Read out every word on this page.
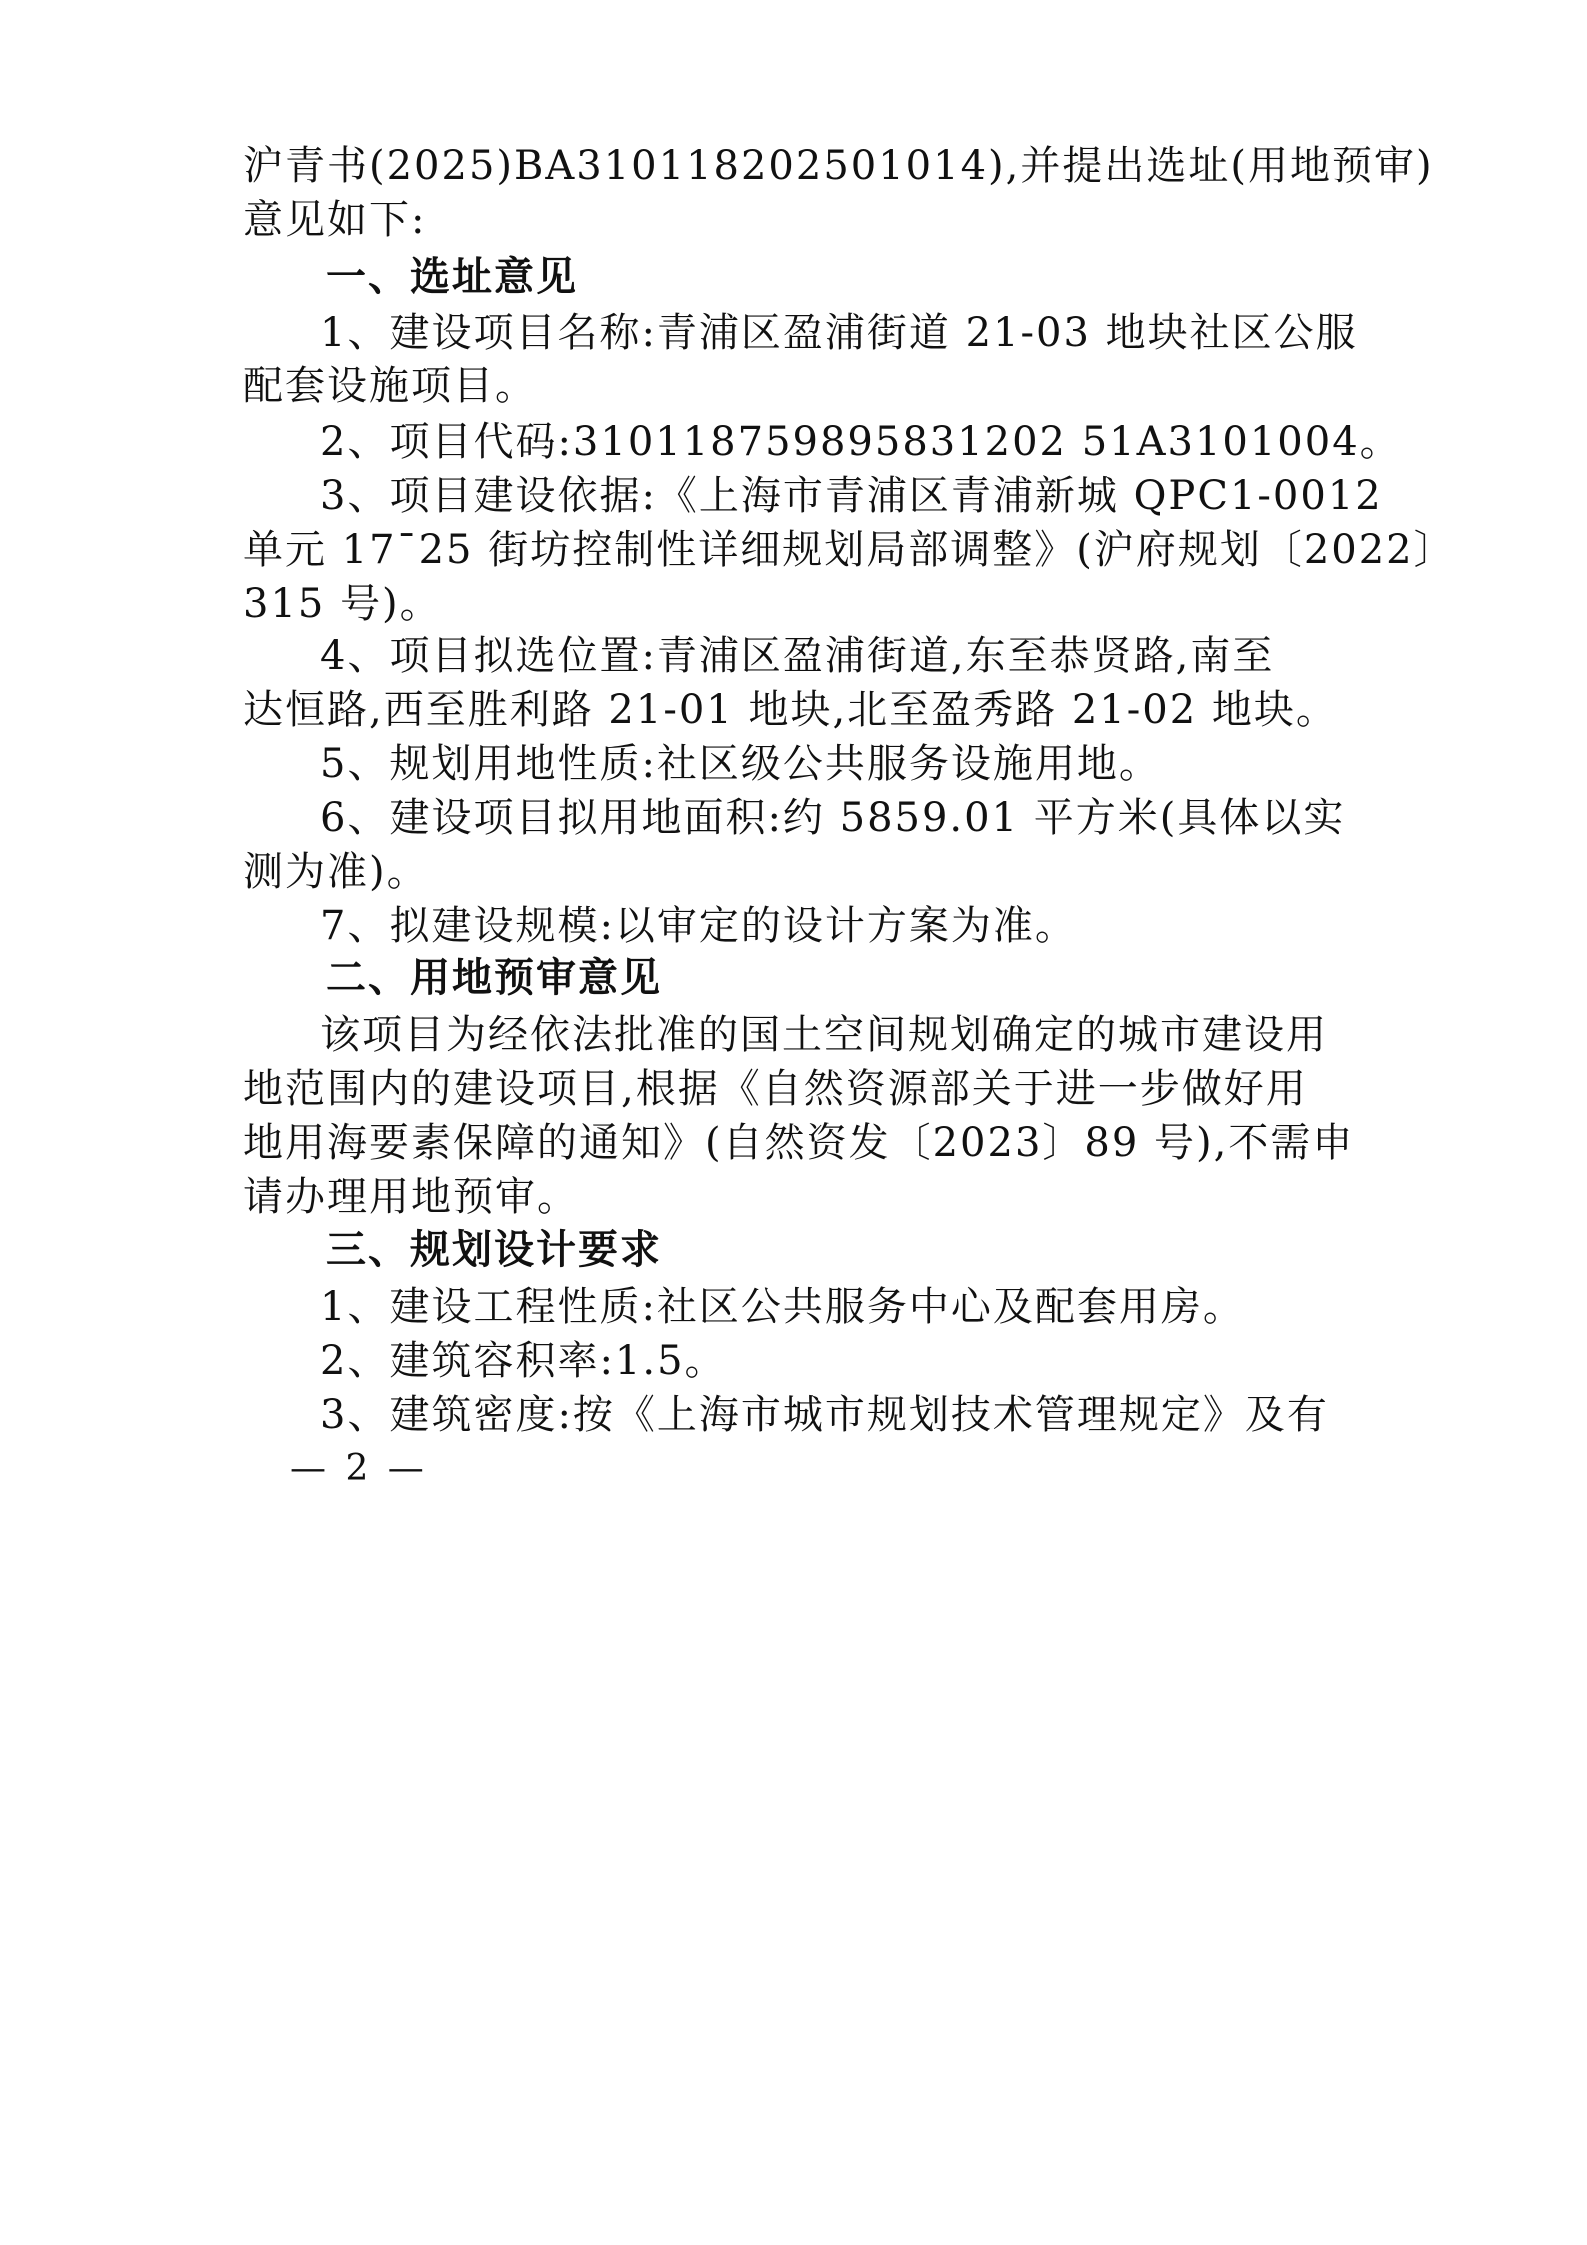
沪青书(2025)BA310118202501014),并提出选址(用地预审)
意见如下:
一、选址意见
1、建设项目名称:青浦区盈浦街道 21-03 地块社区公服
配套设施项目。
2、项目代码:310118759895831202 51A3101004。
3、项目建设依据:《上海市青浦区青浦新城 QPC1-0012
单元 17¯25 街坊控制性详细规划局部调整》(沪府规划〔2022〕
315 号)。
4、项目拟选位置:青浦区盈浦街道,东至恭贤路,南至
达恒路,西至胜利路 21-01 地块,北至盈秀路 21-02 地块。
5、规划用地性质:社区级公共服务设施用地。
6、建设项目拟用地面积:约 5859.01 平方米(具体以实
测为准)。
7、拟建设规模:以审定的设计方案为准。
二、用地预审意见
该项目为经依法批准的国土空间规划确定的城市建设用
地范围内的建设项目,根据《自然资源部关于进一步做好用
地用海要素保障的通知》(自然资发〔2023〕89 号),不需申
请办理用地预审。
三、规划设计要求
1、建设工程性质:社区公共服务中心及配套用房。
2、建筑容积率:1.5。
3、建筑密度:按《上海市城市规划技术管理规定》及有
— 2 —
